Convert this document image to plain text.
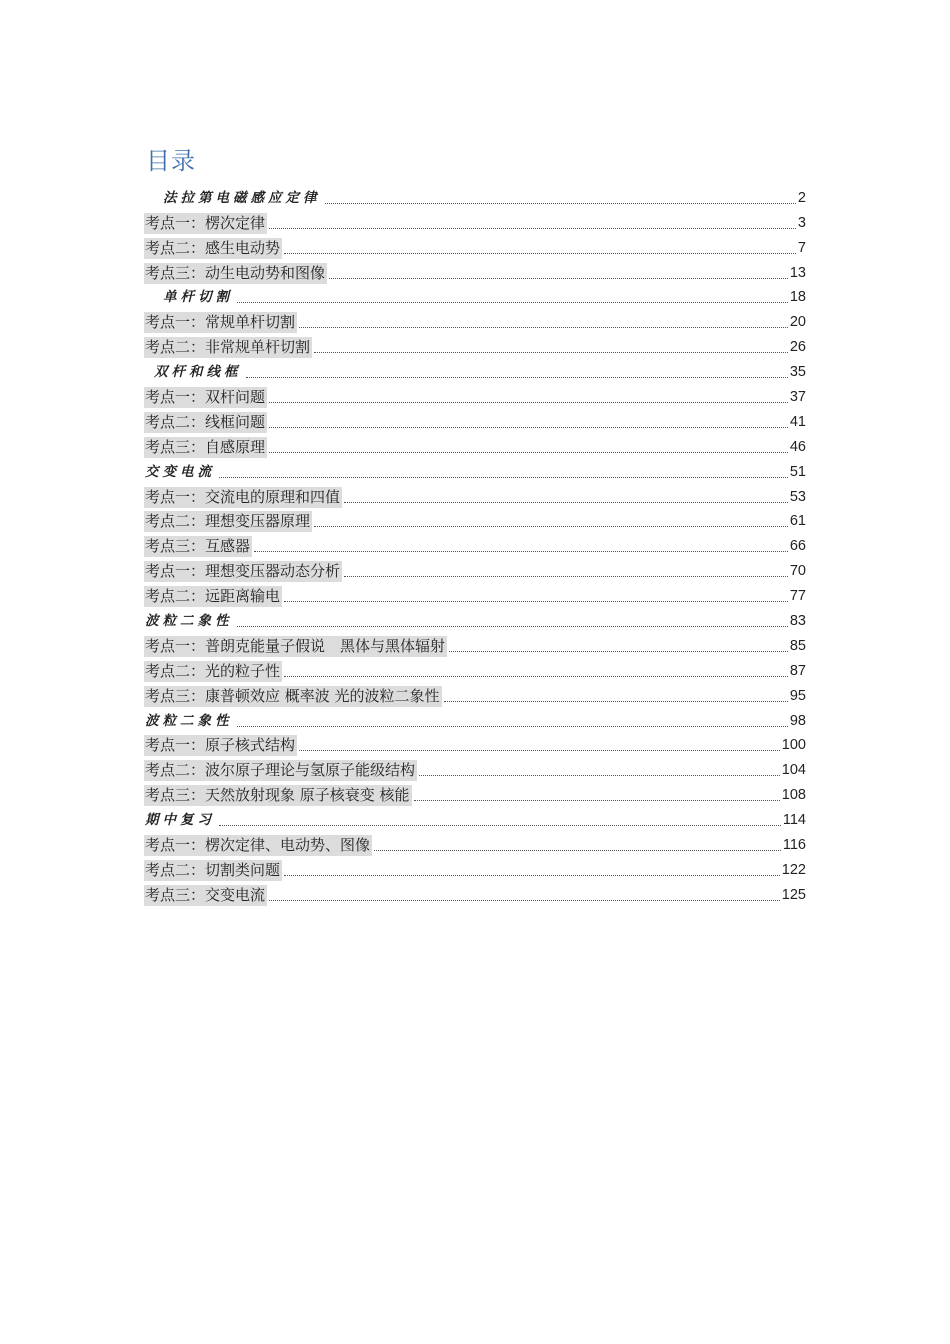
目录
法拉第电磁感应定律	2
考点一：楞次定律	3
考点二：感生电动势	7
考点三：动生电动势和图像	13
单杆切割	18
考点一：常规单杆切割	20
考点二：非常规单杆切割	26
双杆和线框	35
考点一：双杆问题	37
考点二：线框问题	41
考点三：自感原理	46
交变电流	51
考点一：交流电的原理和四值	53
考点二：理想变压器原理	61
考点三：互感器	66
考点一：理想变压器动态分析	70
考点二：远距离输电	77
波粒二象性	83
考点一：普朗克能量子假说　黑体与黑体辐射	85
考点二：光的粒子性	87
考点三：康普顿效应 概率波 光的波粒二象性	95
波粒二象性	98
考点一：原子核式结构	100
考点二：波尔原子理论与氢原子能级结构	104
考点三：天然放射现象 原子核衰变 核能	108
期中复习	114
考点一：楞次定律、电动势、图像	116
考点二：切割类问题	122
考点三：交变电流	125
